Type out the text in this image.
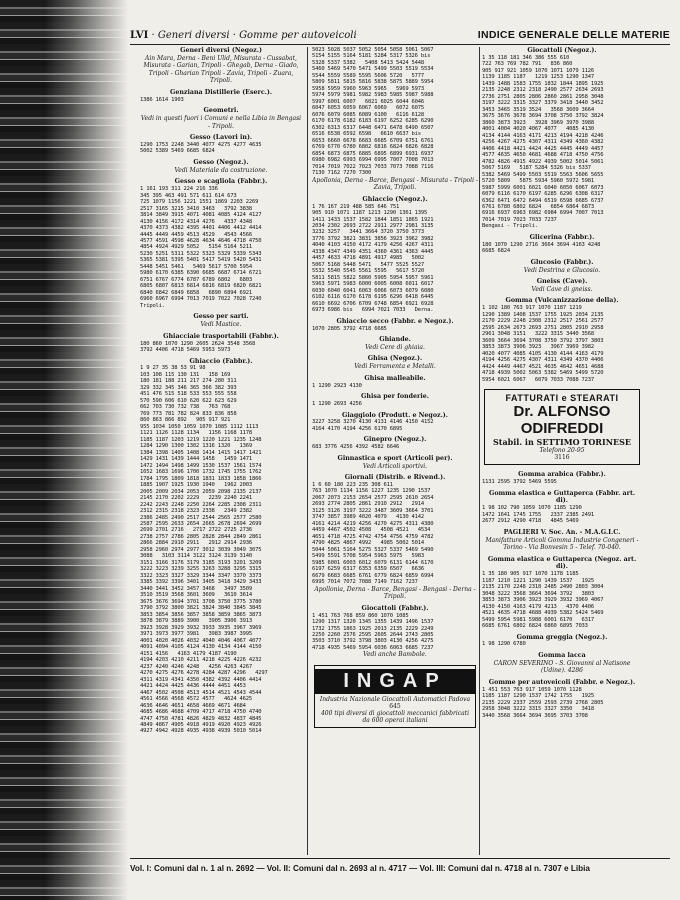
LVI · Generi diversi · Gomme per autoveicoli	INDICE GENERALE DELLE MATERIE
Generi diversi (Negoz.)
Ain Mara, Derna - Beni Ulid, Misurata - Cussabat, Misurata - Garian, Tripoli - Ghegab, Derna - Giado, Tripoli - Gharian Tripoli - Zavia, Tripoli - Zuara, Tripoli.
Genziana Distillerie (Eserc.).
1386 1614 1903
Geometri.
Vedi in questi fuori i Comuni e nella Libia in Bengasi - Tripoli.
Gesso (Lavori in).
1290 1753 2248 3440 4077 4275 4277 4635
5002 5389 5469 6685 6824
Gesso (Negoz.).
Vedi Materiale da costruzione.
Gesso e scagliola (Fabbr.).
1 161 193 311 224 216 336
345 395 463 491 571 611 614 673
725 1079 1156 1221 1551 1869 2203 2269
2517 3165 3215 3410 3463   3792 3838
3814 3849 3915 4071 4081 4085 4124 4127
4130 4156 4172 4314 4276   4337 4348
4370 4373 4382 4395 4401 4406 4412 4414
4445 4449 4459 4513 4529   4543 4566
4577 4591 4598 4628 4634 4646 4718 4750
4854 4924 4929 5052   5154 5164 5211
5230 5251 5311 5322 5323 5329 5339 5343
5365 5381 5395 5401 5417 5419 5420 5431
5448 5451 5461   5469 5617 5700 5954
5980 6170 6385 6390 6685 6687 6714 6721
6751 6767 6774 6787 6789 6802   6803
6805 6807 6813 6814 6816 6819 6820 6821
6840 6842 6849 6858   6890 6894 6921
6960 6967 6994 7013 7019 7022 7028 7240
Tripoli.
Gesso per sarti.
Vedi Mastice.
Ghiacciaie trasportabili (Fabbr.).
180 860 1070 1290 2605 2624 3548 3568
3792 4406 4718 5469 5953 5973
Ghiaccio (Fabbr.).
1 9 27 35 38 53 91 98
103 108 115 130 131   158 169
180 181 188 211 217 274 280 311
329 332 345 346 365 366 382 393
451 476 515 518 533 553 555 558
570 590 606 610 620 622 623 629
662 703 730 732 738   763 768
769 773 781 782 824 833 836 858
860 863 866 892   905 917 921
955 1034 1050 1059 1070 1085 1112 1113
1121 1126 1128 1134   1156 1168 1178
1185 1187 1203 1219 1220 1221 1235 1248
1284 1290 1300 1302 1316 1320   1369
1384 1398 1405 1408 1414 1415 1417 1421
1429 1431 1439 1444 1458   1459 1471
1472 1494 1498 1499 1530 1537 1561 1574
1652 1683 1696 1700 1732 1745 1755 1762
1784 1795 1809 1818 1831 1833 1858 1866
1885 1907 1925 1930 1940   1962 2003
2005 2009 2034 2053 2059 2098 2135 2137
2145 2170 2202 2229   2239 2240 2241
2242 2243 2248 2250 2264 2285 2308 2311
2312 2315 2318 2323 2338   2349 2382
2386 2485 2490 2517 2544 2565 2577 2580
2587 2595 2633 2654 2665 2678 2694 2699
2699 2701 2716   2717 2722 2725 2736
2738 2757 2786 2805 2828 2844 2849 2861
2866 2884 2910 2911   2912 2914 2936
2958 2960 2974 2977 3012 3039 3049 3075
3088   3103 3114 3122 3124 3139 3140
3151 3166 3176 3179 3185 3193 3201 3209
3222 3223 3239 3255 3263 3288 3295 3315
3322 3323 3327 3329 3344 3347 3370 3373
3385 3392 3396 3401 3405 3418 3429 3433
3440 3441 3452 3457 3468   3497 3509
3510 3519 3568 3601 3609   3610 3614
3675 3676 3694 3701 3708 3750 3775 3780
3790 3792 3800 3821 3824 3840 3845 3845
3853 3854 3856 3857 3858 3859 3865 3873
3878 3879 3889 3900   3905 3906 3913
3923 3928 3929 3932 3933 3935 3967 3969
3971 3973 3977 3981   3983 3987 3995
4001 4020 4026 4032 4040 4046 4067 4077
4091 4094 4105 4124 4130 4134 4144 4150
4151 4156   4163 4179 4187 4190
4194 4203 4210 4211 4218 4225 4226 4232
4237 4240 4246 4248   4256 4263 4267
4270 4275 4276 4278 4284 4287 4296   4297
4311 4319 4341 4350 4382 4392 4406 4414
4421 4424 4425 4436 4444 4451 4453
4467 4502 4508 4513 4514 4521 4543 4544
4561 4566 4568 4572 4577   4624 4625
4636 4646 4651 4658 4669 4671 4684
4685 4686 4688 4709 4717 4718 4750 4740
4747 4750 4781 4826 4829 4832 4837 4845
4849 4867 4905 4918 4919 4920 4923 4926
4927 4942 4928 4935 4938 4939 5010 5014
5023 5028 5037 5052 5054 5058 5061 5067
5154 5155 5164 5181 5284 5317 5326 bis
5328 5337 5382   5408 5413 5424 5448
5460 5469 5470 5471 5499 5503 5519 5534
5544 5559 5589 5595 5606 5720   5777
5809 5811 5815 5816 5838 5875 5889 5954
5958 5959 5960 5963 5965   5969 5973
5974 5979 5981 5982 5983 5985 5987 5988
5997 6001 6007   6021 6025 6044 6046
6047 6053 6059 6067 6069   6072 6075
6076 6079 6085 6089 6100   6116 6128
6170 6178 6182 6183 6197 6252 6285 6290
6302 6313 6317 6448 6471 6478 6490 6507
6516 6538 6592 6598   6610 6637 bis
6653 6660 6678 6683 6685 6709 6751 6761
6769 6770 6780 6802 6816 6824 6826 6828
6854 6873 6875 6885 6895 6899 6931 6937
6980 6982 6993 6994 6995 7007 7008 7013
7014 7019 7022 7023 7033 7073 7088 7116
7130 7162 7270 7300
Apollonia, Derna - Barce, Bengasi - Misurata - Tripoli - Zavia, Tripoli.
Ghiaccio (Negoz.).
1 76 167 219 488 585 646 751
905 910 1071 1187 1213 1290 1361 1395
1411 1433 1537 1582 1844 1851 1865 1921
2034 2302 2693 2722 2911 2977 2981 3135
3232 3257   3441 3664 3720 3750 3773
3776 3792 3821 3831 3856 3923 3962 3982
4040 4103 4150 4172 4179 4256 4267 4311
4338 4347 4349 4351 4360 4361 4363 4445
4457 4633 4718 4891 4917 4985   5002
5067 5168 5448 5471   5477 5525 5527
5532 5540 5545 5561 5595   5617 5720
5811 5815 5822 5860 5905 5954 5957 5961
5963 5971 5983 6000 6005 6008 6011 6017
6030 6040 6041 6063 6066 6073 6079 6080
6102 6116 6170 6178 6195 6296 6418 6445
6610 6692 6706 6709 6748 6854 6921 6928
6973 6986 bis   6994 7021 7033   Derna.
Ghiaccio secco (Fabbr. e Negoz.).
1070 2805 3792 4718 6685
Ghiande.
Vedi Cere di ghiaia.
Ghisa (Negoz.).
Vedi Ferramenta e Metalli.
Ghisa malleabile.
1 1290 2923 4130
Ghisa per fonderie.
1 1290 2693 4256
Giaggiolo (Produtt. e Negoz.).
3227 3258 3270 4130 4131 4146 4150 4152
4164 4170 4194 4256 6170 6895
Ginepro (Negoz.).
683 3776 4256 4392 4582 6646
Ginnastica e sport (Articoli per).
Vedi Articoli sportivi.
Giornali (Distrib. e Rivend.).
1 6 60 180 223 235 308 611
763 1070 1134 1156 1227 1235 1290 1537
2067 2073 2153 2654 2577 2595 2610 2654
2693 2774 2805 2861 2910 2912   2914
3125 3126 3197 3222 3487 3609 3664 3701
3747 3857 3989 4020 4079   4130 4142
4161 4214 4219 4256 4270 4275 4311 4380
4459 4467 4502 4508   4508 4521   4534
4651 4718 4725 4742 4754 4756 4759 4782
4790 4825 4867 4992   4985 5002 5014
5044 5061 5164 5275 5327 5337 5469 5490
5499 5591 5708 5954 5963 5975   5983
5985 6001 6003 6012 6079 6131 6144 6170
6197 6259 6317 6353 6359 6507   6636
6679 6683 6685 6761 6779 6824 6859 6994
6995 7014 7072 7088 7149 7162 7237
Apollonia, Derna - Barce, Bengasi - Bengasi - Derna - Tripoli.
Giocattoli (Fabbr.).
1 451 763 768 859 860 1070 1085
1290 1317 1320 1345 1355 1439 1496 1537
1732 1755 1863 1925 2013 2135 2229 2249
2250 2260 2576 2595 2605 2644 2743 2805
3503 3710 3792 3798 3803 4130 4256 4275
4718 4935 5469 5954 6036 6063 6685 7237
Vedi anche Bambole.
INGAP
Industria Nazionale Giocattoli Automatici Padova
645
400 tipi diversi di giocattoli meccanici fabbricati da 600 operai italiani
Giocattoli (Negoz.).
1 35 118 181 346 386 555 610
722 763 769 782 791   836 860
905 917 921 1059 1070 1071 1079 1126
1139 1185 1187   1219 1253 1290 1347
1439 1488 1583 1755 1832 1844 1895 1925
2135 2248 2312 2318 2490 2577 2634 2693
2736 2751 2805 2806 2860 2861 2958 3048
3197 3222 3315 3327 3379 3418 3440 3452
3453 3465 3519 3524   3568 3609 3664
3675 3676 3678 3694 3708 3750 3792 3824
3860 3873 3923   3928 3969 3970 3988
4001 4004 4020 4067 4077   4085 4130
4134 4144 4163 4171 4213 4194 4218 4246
4256 4267 4275 4307 4311 4349 4360 4382
4406 4418 4421 4424 4425 4445 4449 4457
4577 4635 4650 4681 4688 4718 4750 4756
4782 4826 4915 4922 4939 5002 5014 5061
5067 5169   5187 5284 5326 bis 5337
5382 5469 5499 5503 5519 5563 5606 5655
5720 5809   5875 5934 5960 5972 5981
5987 5999 6001 6021 6040 6050 6067 6073
6079 6116 6170 6197 6285 6296 6308 6317
6362 6471 6472 6494 6519 6598 6685 6737
6761 6780 6802 6824   6854 6864 6873
6916 6937 6963 6982 6984 6994 7007 7013
7014 7019 7023 7033 7237
Bengasi - Tripoli.
Glicerina (Fabbr.).
180 1070 1290 2716 3664 3694 4163 4248
6685 6824
Glucosio (Fabbr.).
Vedi Destrina e Glucosio.
Gneiss (Cave).
Vedi Cave di gneiss.
Gomma (Vulcanizzazione della).
1 102 180 763 917 1070 1187 1219
1290 1389 1408 1537 1755 1925 2034 2135
2170 2229 2248 2308 2312 2517 2561 2577
2595 2634 2673 2693 2751 2805 2910 2958
2961 3048 3151   3222 3315 3440 3568
3609 3664 3694 3708 3750 3792 3797 3803
3853 3873 3906 3923   3967 3969 3982
4020 4077 4085 4105 4130 4144 4163 4179
4194 4256 4275 4307 4311 4349 4370 4406
4424 4449 4467 4521 4635 4642 4651 4688
4718 4939 5002 5063 5382 5469 5499 5720
5954 6021 6067   6079 7033 7088 7237
FATTURATI e STEARATI
Dr. ALFONSO ODIFREDDI
Stabil. in SETTIMO TORINESE
Telefono 20-95
3116
Gomma arabica (Fabbr.).
1131 2595 3792 5469 5595
Gomma elastica e Guttaperca (Fabbr. art. di).
1 98 102 790 1059 1070 1185 1290
1472 1641 1745 1755   2337 2385 2491
2677 2912 4290 4718   4845 5469
PAGLIERI V. Soc. An. - M.A.G.I.C.
Manifatture Articoli Gomma Industrie Congeneri - Torino - Via Bonvesin 5 - Telef. 70-040.
Gomma elastica e Guttaperca (Negoz. art. di).
1 35 180 905 917 1070 1178 1185
1187 1210 1221 1290 1439 1537   1925
2135 2170 2248 2318 2485 2490 2803 3004
3048 3222 3568 3664 3694 3792   3803
3853 3873 3906 3923 3929 3932 3969 4067
4130 4150 4163 4179 4213   4370 4406
4521 4635 4718 4688 4939 5382 5424 5469
5499 5954 5981 5988 6001 6170   6317
6685 6761 6802 6824 6860 6895 7033
Gomma greggia (Negoz.).
1 98 1290 6780
Gomma lacca
CARON SEVERINO - S. Giovanni al Natisone (Udine). 4286
Gomme per autoveicoli (Fabbr. e Negoz.).
1 451 553 763 917 1059 1070 1128
1185 1187 1290 1537 1742 1755   1925
2135 2229 2337 2559 2593 2739 2768 2805
2958 3048 3222 3315 3327 3350   3418
3440 3568 3664 3694 3695 3703 3708
Vol. I: Comuni dal n. 1 al n. 2692 — Vol. II: Comuni dal n. 2693 al n. 4717 — Vol. III: Comuni dal n. 4718 al n. 7307 e Libia
